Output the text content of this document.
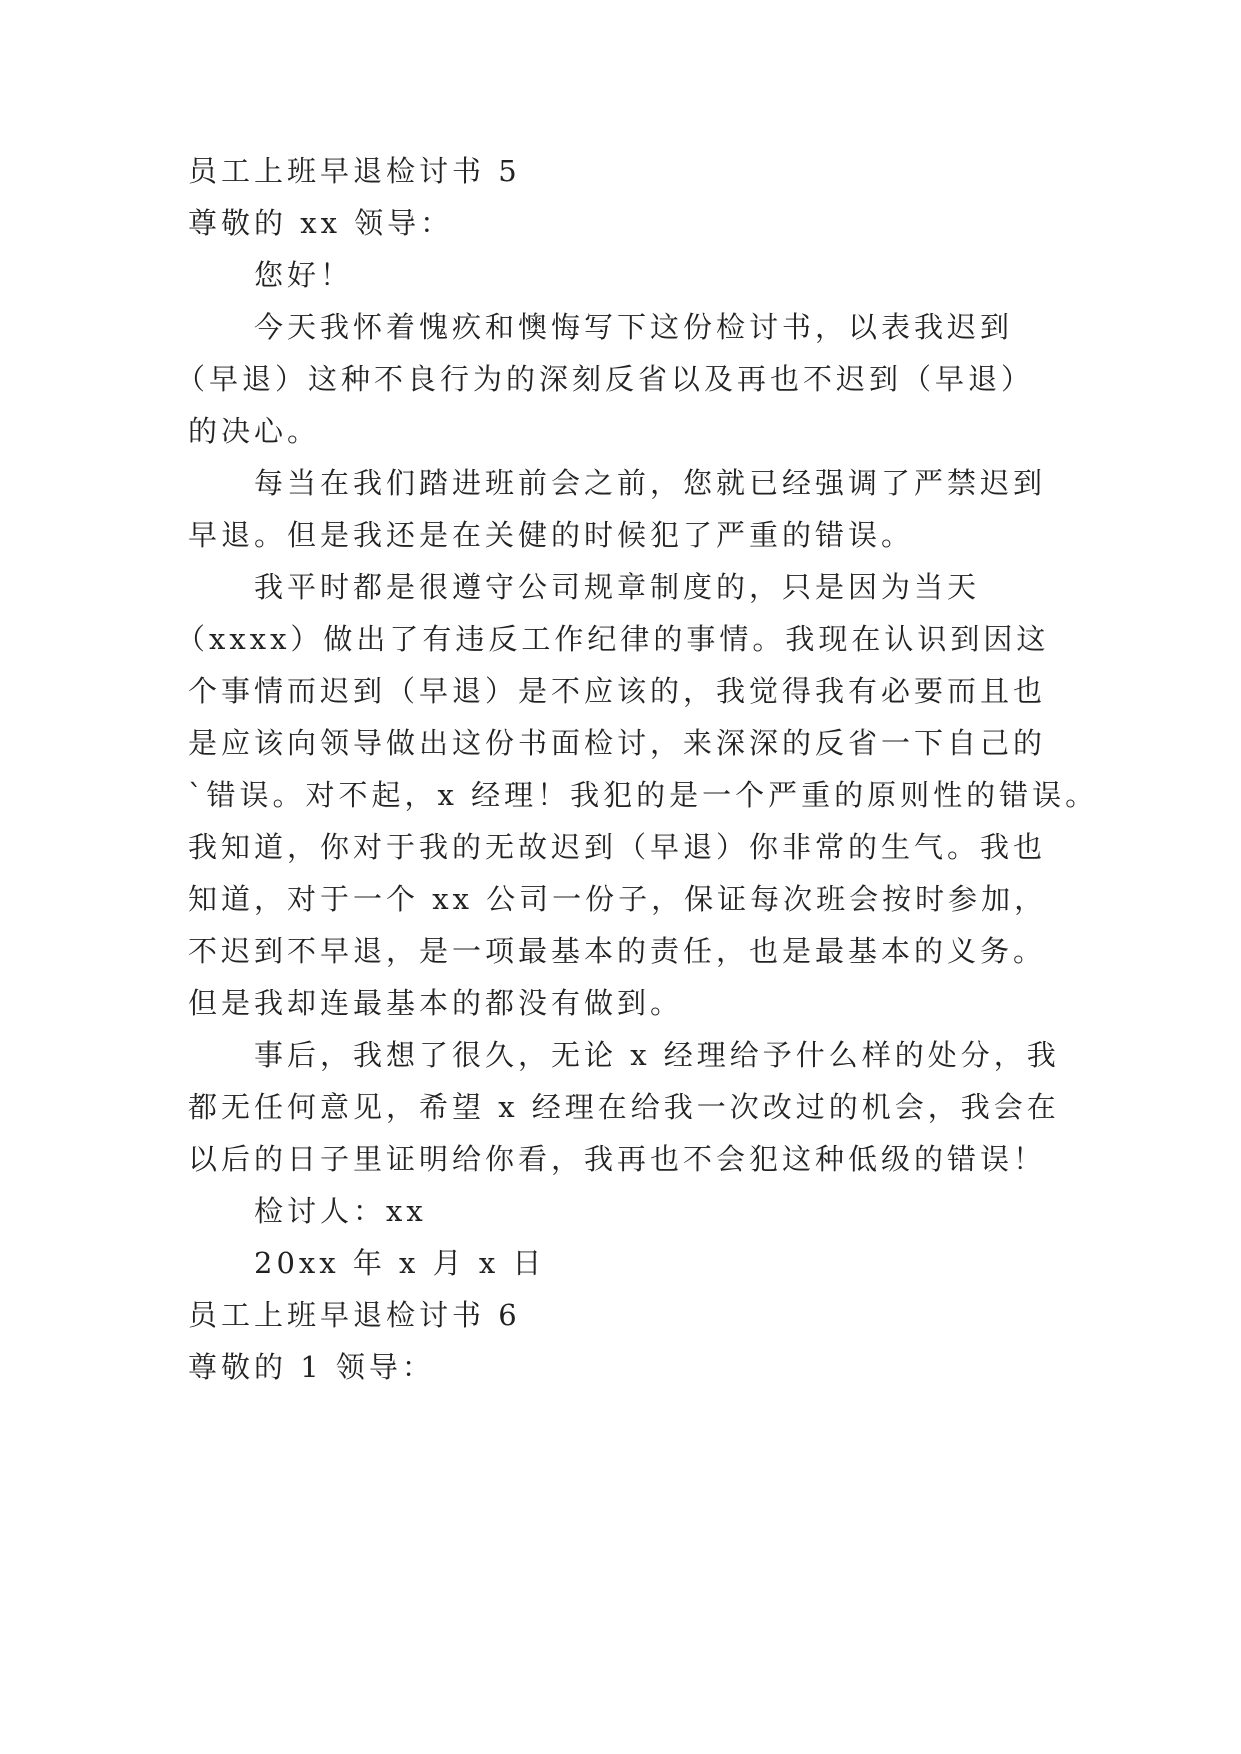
员工上班早退检讨书 5
尊敬的 xx 领导：
您好！
今天我怀着愧疚和懊悔写下这份检讨书，以表我迟到
（早退）这种不良行为的深刻反省以及再也不迟到（早退）
的决心。
每当在我们踏进班前会之前，您就已经强调了严禁迟到
早退。但是我还是在关健的时候犯了严重的错误。
我平时都是很遵守公司规章制度的，只是因为当天
（xxxx）做出了有违反工作纪律的事情。我现在认识到因这
个事情而迟到（早退）是不应该的，我觉得我有必要而且也
是应该向领导做出这份书面检讨，来深深的反省一下自己的
`错误。对不起，x 经理！我犯的是一个严重的原则性的错误。
我知道，你对于我的无故迟到（早退）你非常的生气。我也
知道，对于一个 xx 公司一份子，保证每次班会按时参加，
不迟到不早退，是一项最基本的责任，也是最基本的义务。
但是我却连最基本的都没有做到。
事后，我想了很久，无论 x 经理给予什么样的处分，我
都无任何意见，希望 x 经理在给我一次改过的机会，我会在
以后的日子里证明给你看，我再也不会犯这种低级的错误！
检讨人：xx
20xx 年 x 月 x 日
员工上班早退检讨书 6
尊敬的 1 领导：
